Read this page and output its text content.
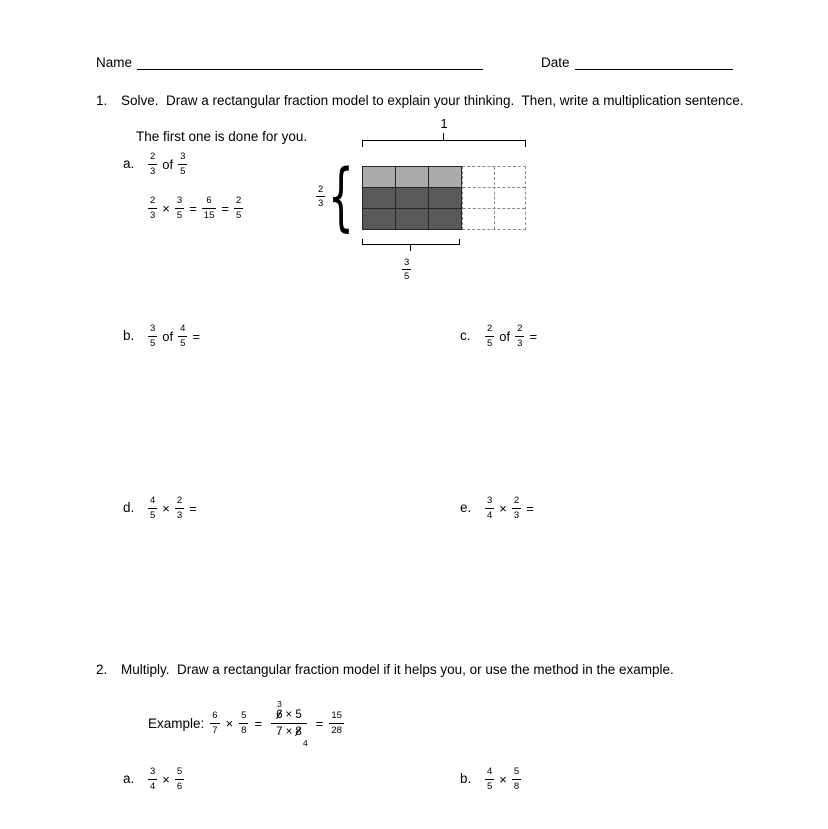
Name	Date
1.	Solve.  Draw a rectangular fraction model to explain your thinking.  Then, write a multiplication sentence.

The first one is done for you.
a.	$\frac{2}{3}$ of $\frac{3}{5}$
$\frac{2}{3} \times \frac{3}{5} = \frac{6}{15} = \frac{2}{5}$
1
$\frac{2}{3}$
{
$\frac{3}{5}$
b.	$\frac{3}{5}$ of $\frac{4}{5}$ =	c.	$\frac{2}{5}$ of $\frac{2}{3}$ =
d.	$\frac{4}{5} \times \frac{2}{3}$ =	e.	$\frac{3}{4} \times \frac{2}{3}$ =
2.	Multiply.  Draw a rectangular fraction model if it helps you, or use the method in the example.
Example: $\frac{6}{7} \times \frac{5}{8} = 3$
6 × 5
7 × 8
$4 = \frac{15}{28}$
a.	$\frac{3}{4} \times \frac{5}{6}$	b.	$\frac{4}{5} \times \frac{5}{8}$
